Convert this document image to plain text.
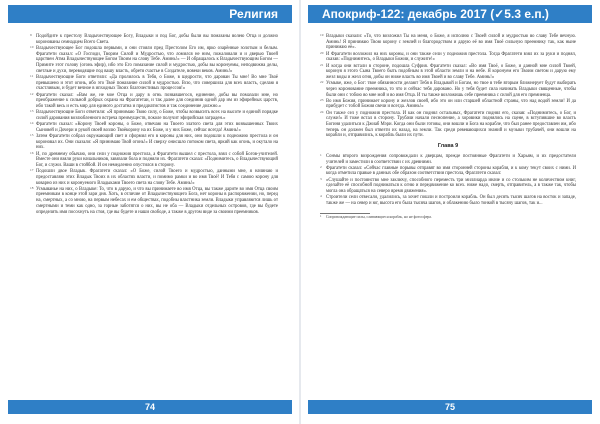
Религия
9 Подойдите к престолу Владычествующее Богу, Владыки и под Бог, добы были вы помазаны волею Отца и должно коронованы семнадцем Всего Света.
10 Владычествующее Бог подошла первыми, и они стояли пред Престолом Его им, ярко озарённые золотым и белым. Фрагатети сказал: «О Господи, Творим Силой и Мудростью, что ломился не ним, пожаловали и и дверью Твоей царствен Атма Владычествующее Богом Твоим на слову Тебе. Аминь!» — И обращалось к Владычествующим Богом — Примите этот голову (огонь эфир), ибо это Его помазание силой и мудростью, добы вы коронуемы, неподвижна делы, светлые и духи, переводящие под вашу власть, обретя счастье в Создателе, вовеки веков. Аминь!»
11 Владычествующие Боги ответили: «Да пролилось в Тебя, о Боже, в щедрости, что дарован Ты мне! Во мне Твоё превышено и этот огонь, ибо это Твоё помазание силой и мудростью. Всю, что совершила для всех власть, сделаю я счастливым, и будет вечное в ипходных Твоих благочестивых процессов!»
12 Фрагатети сказал: «Вам же, не мое Отца и дару в огнь позвавшегося, единение, добы вы помазали мне, но преображение к сильной добрых охрана на Фрагатетаи, и так далее для соединив одной дар им из эфирейных царств, ибо такой весь и есть мир для единого достатна и преддиатистов и так соединение должно.»
13 Владычествующие Боги ответили: «Я принимаю Твою силу, о Боже, чтобы возвысить всех на высоте и единой порядке силой дарования возлюбленного встреча преимуществ, поколе получит эфирийская заграден.»
14 Фрагатети сказал: «Корону Твоей короны, о Боже, отвечаю на Твоего златого света для этих возвышенных Твоих Сыновей и Дочери и рукой своей возлю Твоёкорону на их Боже, и у них Боже, сейчас всегда! Аминь!»
15 Затем Фрагатети собрал окружающий свет и сформил его в короны для них, они подошли к подножию престола и он короновал их. Они сказали: «Я принимаю Твой огонь!» И сверху онисшло потоком света, яркий как огонь, и окутало на них.
16 И, по древнему обычаю, они сели у подножия престола, а Фрагатети вышел с престола, взял с собой Богов-учителей. Вместе они взяли руки начальников, завязали бола и подняли их. Фрагатети сказал: «Поднимитесь, о Владычествующий Бог, и служи. Ваши в стойбой. И он немедленно опустился в сторону.
17 Подошли двое Владык. Фрагатети сказал: «О Боже, силой Твоего и мудростью, данными мне, я начинаю и предоставляю этих Владык Твоих в их областях власти, и помимо рамки и во имя Твоё! И Тебя с самою корону для коварно из них и коронуемого Владыками Твоего света на слову Тебе. Аминь!»
18 Усмыванье на них, о Владыке: То, что в дарую, и что вы принимаете во имя Отца, вы также дарите во имя Отца своим преемникам в конце этой зари дня. Хоть, в отличие от Владычествующего Бога, нет короны в распоряжении, но, перед на, смертных, а со мною, на первым небесах и ем обществах, подобны властника земли. Владыки управляются лишь от смертными и теми как одно, за горные заботятся о них, вы не оба — Владыки отдельных островов, где вы будете определять имя посохнуть на стоя, где вы будете и наши свободе, а также в другом виде за своими преемников.
74
Апокриф-122: декабрь 2017 (✓5.3 е.п.)
19 Владыки сказали: «То, что возложил Ты на меня, о Боже, я исполню с Твоей силой и мудростью во славу Тебе вечную. Аминь! Я принимаю Твою корону с землей и благородством и дарую её во имя Твоё сильную преемнику так, как ныне принимаю её».
20 И Фрагатети возложил на них короны, и они также сели у подножия престола. Тогда Фрагатети взял их за руки и поднял, сказав: «Поднимитесь, о Владыки Божии, и служите!»
21 И когда они встали в стороне, подошла Суфрия. Фрагатети сказал: «Во имя Твоё, о Боже, и данной мне силой Твоей, коронуя я этого Сына Твоего быть подобным в этой области земли и на небе. Я коронуем его Твоим светом и дарую ему жезл воды и жезл огня, добы он ниже власть во имя Твоей и во славу Тебе. Аминь!»
22 Усмыке, иже, о Бог: твое обязанности делают Тебя в Владыкой и Богам, но твое в тебе вторым ближнерует будут выбирать через коронование преемника, то что и сейчас тебя даровано. Но у тебя будет сила начинать Владыки священные, чтобы были они с тобою во мне мой и во имя Отца. И ты также возложишь себе преемника с силой для его премиенца.
23 Во имя Божия, принимает корону и жезлов своей, ибо это он или старшей областной страны, что над водой земли! И да прибудет с тобой Божия свечи и всегда. Аминь!»
24 Он также сел у подножия престола. И как он поднял остальных, Фрагатети поднял его, сказав: «Поднимитесь, о Бог, и служи!» И тоже встал в сторону. Трубачи начали песнопение, а хоровики поднялись на сцене, в вступившие во власть Богиня удалиться к Джиаб Мэри. Когда они были готовы, они вошли и Бога на корабле, что был ранее предоставлен им, ибо теперь он должен был отвезти их назад, на земли. Так среди ревевающихся знаний и музыки трубачей, они вошли на корабли и, отправились, к корабль были их пути.
Глава 9
1 Сонмы второго возрождения сопровождали к дверцам, прежде постоянные Фрагатети и Харьям, и их предостатели учителей и заместили в соответствии с их древними.
2 Фрагатети сказал: «Сейчас главные порывы отправят во имя сторонней стороны корабля, и к кому текут своих с ними. И когда отметила правые в данных обе образом соответствии престола, Фрагатети сказал:
3 «Слушайте и постоянство мне заключу, способного переместь три миллиарда иначе и со стольким не количеством книг, сделайте её способной подниматься к огню и передвижение ко всех. ниже надо, смерть, отправитель, а в также так, чтобы могла она обращаться на северо время движения».
4 Строители сели отвесали, удалились, за хочет пошли и построили корабль. Он был десять тысяч шагов на восток и западе, также же — на север и юг, высота его была тысяча шагов, и облакению было тонкой в тысячу шагов, так и...
1 Сопровождающие силы, сливающиеся корабль, но не фотосфера.
75
